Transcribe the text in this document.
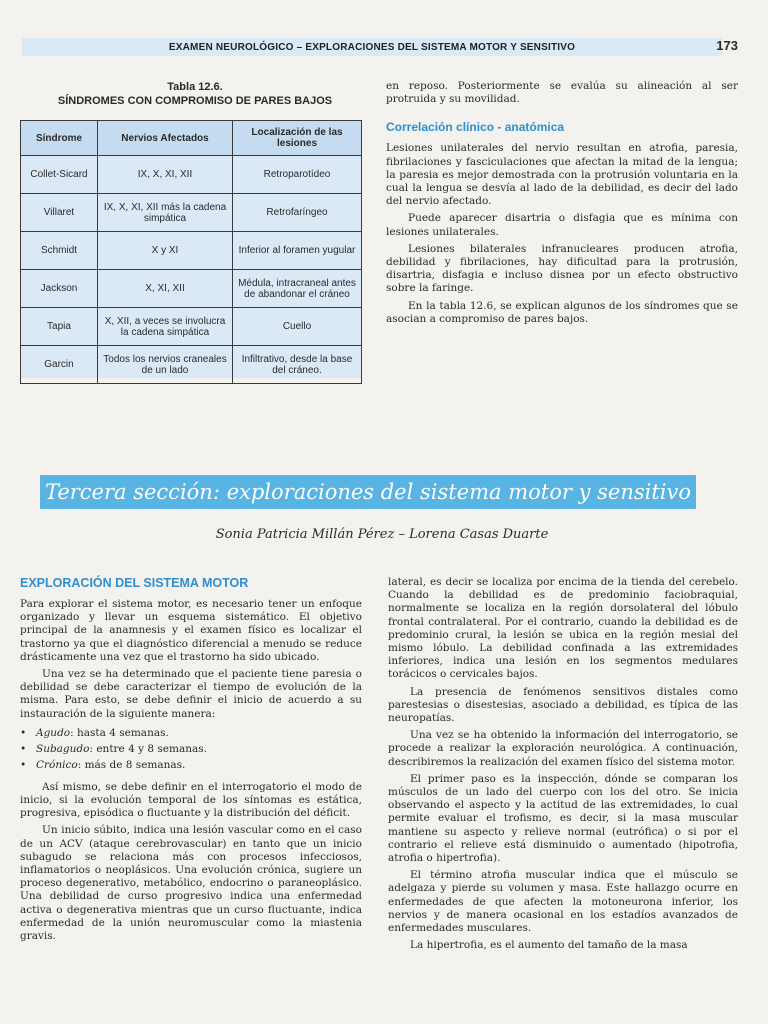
EXAMEN NEUROLÓGICO – EXPLORACIONES DEL SISTEMA MOTOR Y SENSITIVO	173
Tabla 12.6.
SÍNDROMES CON COMPROMISO DE PARES BAJOS
Síndrome	Nervios Afectados	Localización de las lesiones
Collet-Sicard	IX, X, XI, XII	Retroparotídeo
Villaret	IX, X, XI, XII más la cadena simpática	Retrofaríngeo
Schmidt	X y XI	Inferior al foramen yugular
Jackson	X, XI, XII	Médula, intracraneal antes de abandonar el cráneo
Tapia	X, XII, a veces se involucra la cadena simpática	Cuello
Garcin	Todos los nervios craneales de un lado	Infiltrativo, desde la base del cráneo.

en reposo. Posteriormente se evalúa su alineación al ser protruida y su movilidad.

Correlación clínico - anatómica

Lesiones unilaterales del nervio resultan en atrofia, paresia, fibrilaciones y fasciculaciones que afectan la mitad de la lengua; la paresia es mejor demostrada con la protrusión voluntaria en la cual la lengua se desvía al lado de la debilidad, es decir del lado del nervio afectado.

Puede aparecer disartria o disfagia que es mínima con lesiones unilaterales.

Lesiones bilaterales infranucleares producen atrofia, debilidad y fibrilaciones, hay dificultad para la protrusión, disartria, disfagia e incluso disnea por un efecto obstructivo sobre la faringe.

En la tabla 12.6, se explican algunos de los síndromes que se asocian a compromiso de pares bajos.

Tercera sección: exploraciones del sistema motor y sensitivo
Sonia Patricia Millán Pérez – Lorena Casas Duarte
EXPLORACIÓN DEL SISTEMA MOTOR

Para explorar el sistema motor, es necesario tener un enfoque organizado y llevar un esquema sistemático. El objetivo principal de la anamnesis y el examen físico es localizar el trastorno ya que el diagnóstico diferencial a menudo se reduce drásticamente una vez que el trastorno ha sido ubicado.

Una vez se ha determinado que el paciente tiene paresia o debilidad se debe caracterizar el tiempo de evolución de la misma. Para esto, se debe definir el inicio de acuerdo a su instauración de la siguiente manera:

• Agudo: hasta 4 semanas.
• Subagudo: entre 4 y 8 semanas.
• Crónico: más de 8 semanas.

Así mismo, se debe definir en el interrogatorio el modo de inicio, si la evolución temporal de los síntomas es estática, progresiva, episódica o fluctuante y la distribución del déficit.

Un inicio súbito, indica una lesión vascular como en el caso de un ACV (ataque cerebrovascular) en tanto que un inicio subagudo se relaciona más con procesos infecciosos, inflamatorios o neoplásicos. Una evolución crónica, sugiere un proceso degenerativo, metabólico, endocrino o paraneoplásico. Una debilidad de curso progresivo indica una enfermedad activa o degenerativa mientras que un curso fluctuante, indica enfermedad de la unión neuromuscular como la miastenia gravis.

lateral, es decir se localiza por encima de la tienda del cerebelo. Cuando la debilidad es de predominio faciobraquial, normalmente se localiza en la región dorsolateral del lóbulo frontal contralateral. Por el contrario, cuando la debilidad es de predominio crural, la lesión se ubica en la región mesial del mismo lóbulo. La debilidad confinada a las extremidades inferiores, indica una lesión en los segmentos medulares torácicos o cervicales bajos.

La presencia de fenómenos sensitivos distales como parestesias o disestesias, asociado a debilidad, es típica de las neuropatías.

Una vez se ha obtenido la información del interrogatorio, se procede a realizar la exploración neurológica. A continuación, describiremos la realización del examen físico del sistema motor.

El primer paso es la inspección, dónde se comparan los músculos de un lado del cuerpo con los del otro. Se inicia observando el aspecto y la actitud de las extremidades, lo cual permite evaluar el trofismo, es decir, si la masa muscular mantiene su aspecto y relieve normal (eutrófica) o si por el contrario el relieve está disminuido o aumentado (hipotrofia, atrofia o hipertrofia).

El término atrofia muscular indica que el músculo se adelgaza y pierde su volumen y masa. Este hallazgo ocurre en enfermedades de que afecten la motoneurona inferior, los nervios y de manera ocasional en los estadíos avanzados de enfermedades musculares.

La hipertrofia, es el aumento del tamaño de la masa
